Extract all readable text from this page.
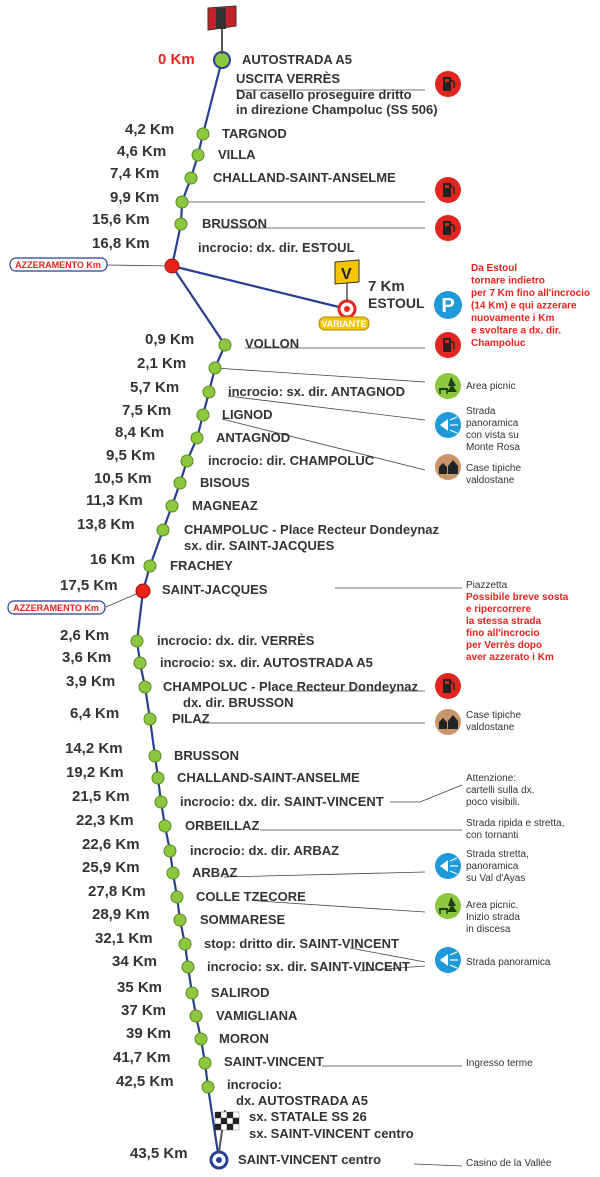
V
VARIANTE
AZZERAMENTO Km
AZZERAMENTO Km
0 Km	AUTOSTRADA A5
USCITA VERRÈS
Dal casello proseguire dritto
in direzione Champoluc (SS 506)
4,2 Km	TARGNOD
4,6 Km	VILLA
7,4 Km	CHALLAND-SAINT-ANSELME
9,9 Km
15,6 Km	BRUSSON
16,8 Km	incrocio: dx. dir. ESTOUL
7 Km
ESTOUL
0,9 Km	VOLLON
2,1 Km
5,7 Km	incrocio: sx. dir. ANTAGNOD
7,5 Km	LIGNOD
8,4 Km	ANTAGNOD
9,5 Km	incrocio: dir. CHAMPOLUC
10,5 Km	BISOUS
11,3 Km	MAGNEAZ
13,8 Km	CHAMPOLUC - Place Recteur Dondeynaz
sx. dir. SAINT-JACQUES
16 Km	FRACHEY
17,5 Km	SAINT-JACQUES
2,6 Km	incrocio: dx. dir. VERRÈS
3,6 Km	incrocio: sx. dir. AUTOSTRADA A5
3,9 Km	CHAMPOLUC - Place Recteur Dondeynaz
dx. dir. BRUSSON
6,4 Km	PILAZ
14,2 Km	BRUSSON
19,2 Km	CHALLAND-SAINT-ANSELME
21,5 Km	incrocio: dx. dir. SAINT-VINCENT
22,3 Km	ORBEILLAZ
22,6 Km	incrocio: dx. dir. ARBAZ
25,9 Km	ARBAZ
27,8 Km	COLLE TZECORE
28,9 Km	SOMMARESE
32,1 Km	stop: dritto dir. SAINT-VINCENT
34 Km	incrocio: sx. dir. SAINT-VINCENT
35 Km	SALIROD
37 Km	VAMIGLIANA
39 Km	MORON
41,7 Km	SAINT-VINCENT
42,5 Km	incrocio:
dx. AUTOSTRADA A5
sx. STATALE SS 26
sx. SAINT-VINCENT centro
43,5 Km	SAINT-VINCENT centro
P
Area picnic
Strada
panoramica
con vista su
Monte Rosa
Case tipiche
valdostane
Case tipiche
valdostane
Attenzione:
cartelli sulla dx.
poco visibili.
Strada ripida e stretta,
con tornanti
Strada stretta,
panoramica
su Val d'Ayas
Area picnic.
Inizio strada
in discesa
Strada panoramica
Ingresso terme
Casino de la Vallée
Da Estoul
tornare indietro
per 7 Km fino all'incrocio
(14 Km) e qui azzerare
nuovamente i Km
e svoltare a dx. dir.
Champoluc
Piazzetta
Possibile breve sosta
e ripercorrere
la stessa strada
fino all'incrocio
per Verrès dopo
aver azzerato i Km
